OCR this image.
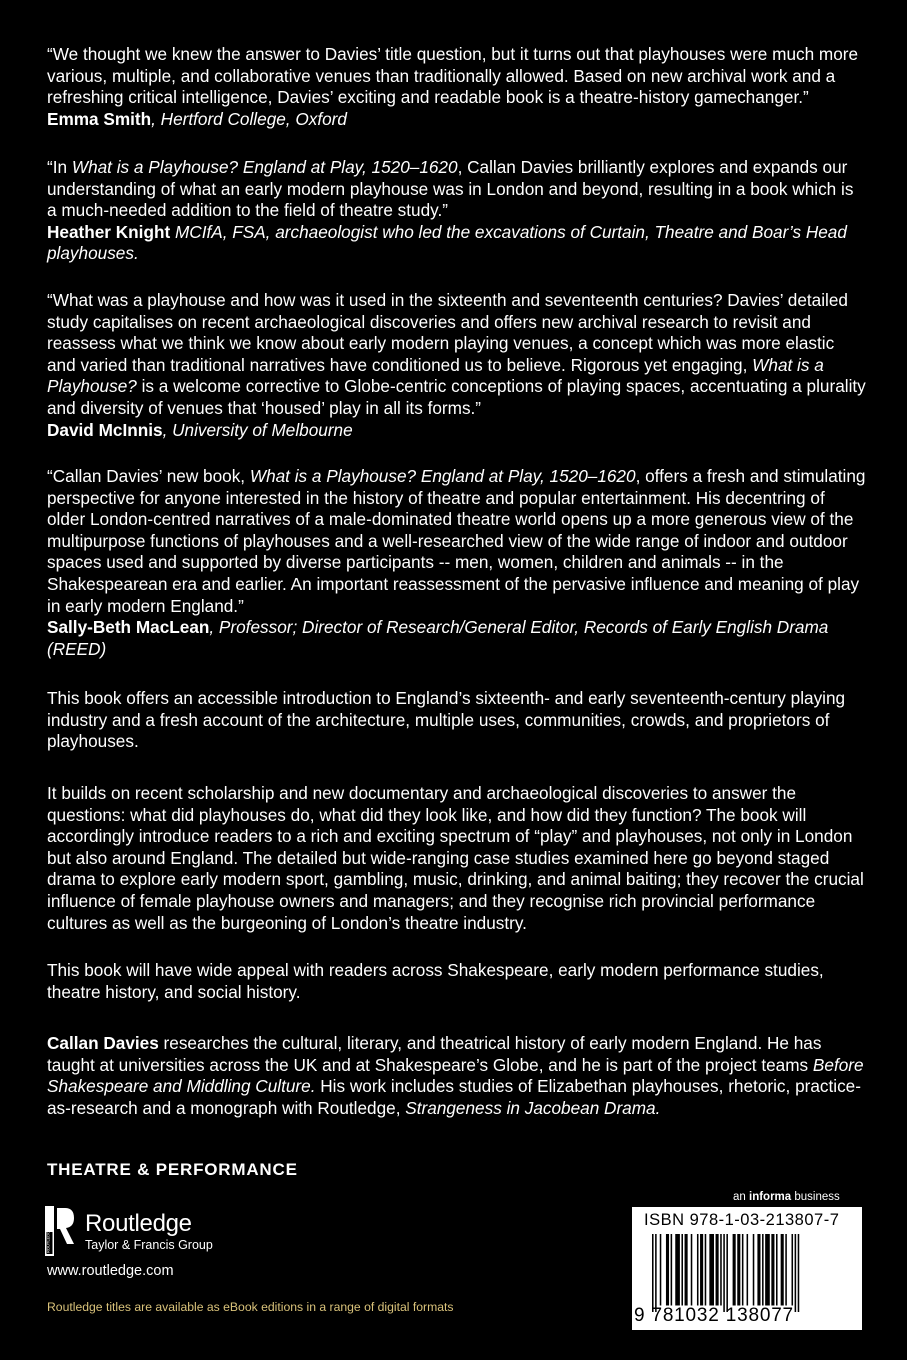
“We thought we knew the answer to Davies’ title question, but it turns out that playhouses were much more various, multiple, and collaborative venues than traditionally allowed. Based on new archival work and a refreshing critical intelligence, Davies’ exciting and readable book is a theatre-history gamechanger.”
Emma Smith, Hertford College, Oxford
“In What is a Playhouse? England at Play, 1520–1620, Callan Davies brilliantly explores and expands our understanding of what an early modern playhouse was in London and beyond, resulting in a book which is a much-needed addition to the field of theatre study.”
Heather Knight MCIfA, FSA, archaeologist who led the excavations of Curtain, Theatre and Boar’s Head playhouses.
“What was a playhouse and how was it used in the sixteenth and seventeenth centuries? Davies’ detailed study capitalises on recent archaeological discoveries and offers new archival research to revisit and reassess what we think we know about early modern playing venues, a concept which was more elastic and varied than traditional narratives have conditioned us to believe. Rigorous yet engaging, What is a Playhouse? is a welcome corrective to Globe-centric conceptions of playing spaces, accentuating a plurality and diversity of venues that ‘housed’ play in all its forms.”
David McInnis, University of Melbourne
“Callan Davies’ new book, What is a Playhouse? England at Play, 1520–1620, offers a fresh and stimulating perspective for anyone interested in the history of theatre and popular entertainment. His decentring of older London-centred narratives of a male-dominated theatre world opens up a more generous view of the multipurpose functions of playhouses and a well-researched view of the wide range of indoor and outdoor spaces used and supported by diverse participants -- men, women, children and animals -- in the Shakespearean era and earlier. An important reassessment of the pervasive influence and meaning of play in early modern England.”
Sally-Beth MacLean, Professor; Director of Research/General Editor, Records of Early English Drama (REED)
This book offers an accessible introduction to England’s sixteenth- and early seventeenth-century playing industry and a fresh account of the architecture, multiple uses, communities, crowds, and proprietors of playhouses.
It builds on recent scholarship and new documentary and archaeological discoveries to answer the questions: what did playhouses do, what did they look like, and how did they function? The book will accordingly introduce readers to a rich and exciting spectrum of “play” and playhouses, not only in London but also around England. The detailed but wide-ranging case studies examined here go beyond staged drama to explore early modern sport, gambling, music, drinking, and animal baiting; they recover the crucial influence of female playhouse owners and managers; and they recognise rich provincial performance cultures as well as the burgeoning of London’s theatre industry.
This book will have wide appeal with readers across Shakespeare, early modern performance studies, theatre history, and social history.
Callan Davies researches the cultural, literary, and theatrical history of early modern England. He has taught at universities across the UK and at Shakespeare’s Globe, and he is part of the project teams Before Shakespeare and Middling Culture. His work includes studies of Elizabethan playhouses, rhetoric, practice-as-research and a monograph with Routledge, Strangeness in Jacobean Drama.
THEATRE & PERFORMANCE
ROUTLEDGE
Routledge
Taylor & Francis Group
www.routledge.com
Routledge titles are available as eBook editions in a range of digital formats
an informa business
ISBN 978-1-03-213807-7
9 781032 138077
